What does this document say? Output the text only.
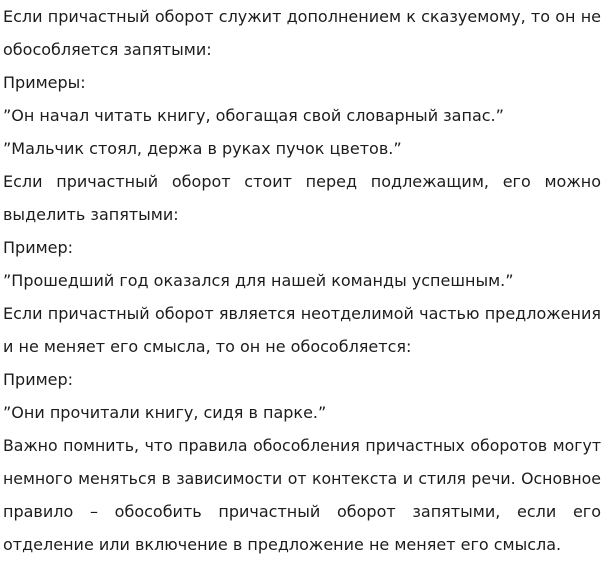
Если причастный оборот служит дополнением к сказуемому, то он не
обособляется запятыми:
Примеры:
”Он начал читать книгу, обогащая свой словарный запас.”
”Мальчик стоял, держа в руках пучок цветов.”
Если причастный оборот стоит перед подлежащим, его можно
выделить запятыми:
Пример:
”Прошедший год оказался для нашей команды успешным.”
Если причастный оборот является неотделимой частью предложения
и не меняет его смысла, то он не обособляется:
Пример:
”Они прочитали книгу, сидя в парке.”
Важно помнить, что правила обособления причастных оборотов могут
немного меняться в зависимости от контекста и стиля речи. Основное
правило – обособить причастный оборот запятыми, если его
отделение или включение в предложение не меняет его смысла.
